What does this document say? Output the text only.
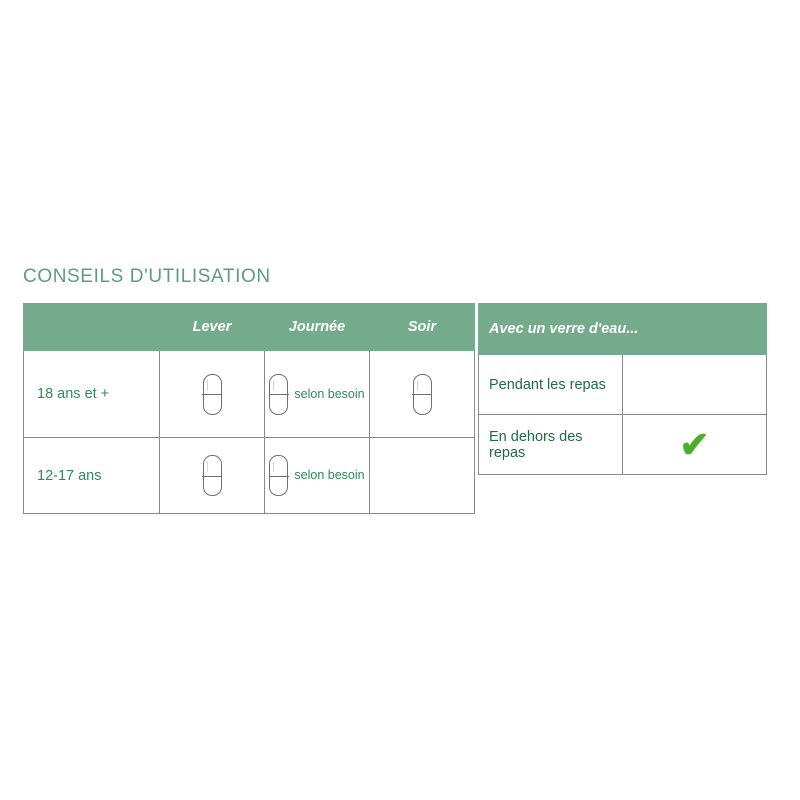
CONSEILS D'UTILISATION
	Lever	Journée	Soir
18 ans et +		selon besoin	

12-17 ans		selon besoin	

Avec un verre d'eau...	
Pendant les repas	
En dehors des repas	✔
